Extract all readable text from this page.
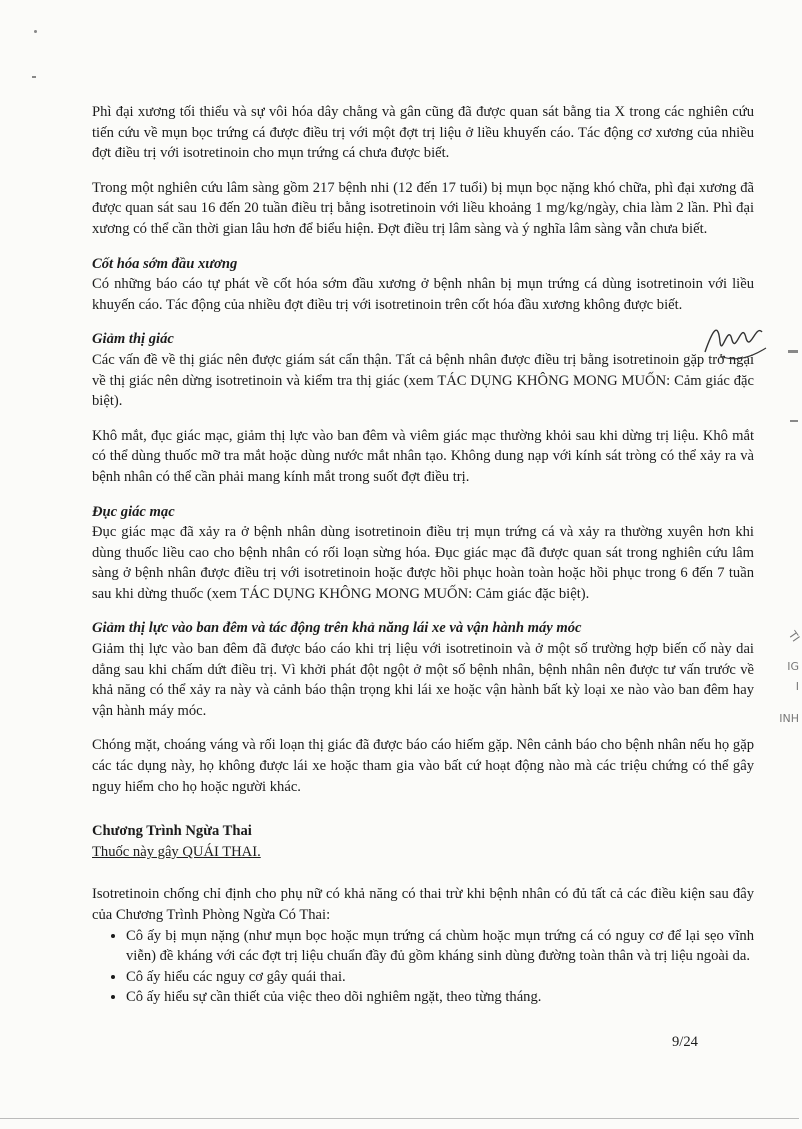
Phì đại xương tối thiểu và sự vôi hóa dây chằng và gân cũng đã được quan sát bằng tia X trong các nghiên cứu tiến cứu về mụn bọc trứng cá được điều trị với một đợt trị liệu ở liều khuyến cáo. Tác động cơ xương của nhiều đợt điều trị với isotretinoin cho mụn trứng cá chưa được biết.

Trong một nghiên cứu lâm sàng gồm 217 bệnh nhi (12 đến 17 tuổi) bị mụn bọc nặng khó chữa, phì đại xương đã được quan sát sau 16 đến 20 tuần điều trị bằng isotretinoin với liều khoảng 1 mg/kg/ngày, chia làm 2 lần. Phì đại xương có thể cần thời gian lâu hơn để biểu hiện. Đợt điều trị lâm sàng và ý nghĩa lâm sàng vẫn chưa biết.

Cốt hóa sớm đầu xương

Có những báo cáo tự phát về cốt hóa sớm đầu xương ở bệnh nhân bị mụn trứng cá dùng isotretinoin với liều khuyến cáo. Tác động của nhiều đợt điều trị với isotretinoin trên cốt hóa đầu xương không được biết.

Giảm thị giác

Các vấn đề về thị giác nên được giám sát cẩn thận. Tất cả bệnh nhân được điều trị bằng isotretinoin gặp trở ngại về thị giác nên dừng isotretinoin và kiểm tra thị giác (xem TÁC DỤNG KHÔNG MONG MUỐN: Cảm giác đặc biệt).

Khô mắt, đục giác mạc, giảm thị lực vào ban đêm và viêm giác mạc thường khỏi sau khi dừng trị liệu. Khô mắt có thể dùng thuốc mỡ tra mắt hoặc dùng nước mắt nhân tạo. Không dung nạp với kính sát tròng có thể xảy ra và bệnh nhân có thể cần phải mang kính mắt trong suốt đợt điều trị.

Đục giác mạc

Đục giác mạc đã xảy ra ở bệnh nhân dùng isotretinoin điều trị mụn trứng cá và xảy ra thường xuyên hơn khi dùng thuốc liều cao cho bệnh nhân có rối loạn sừng hóa. Đục giác mạc đã được quan sát trong nghiên cứu lâm sàng ở bệnh nhân được điều trị với isotretinoin hoặc được hồi phục hoàn toàn hoặc hồi phục trong 6 đến 7 tuần sau khi dừng thuốc (xem TÁC DỤNG KHÔNG MONG MUỐN: Cảm giác đặc biệt).

Giảm thị lực vào ban đêm và tác động trên khả năng lái xe và vận hành máy móc

Giảm thị lực vào ban đêm đã được báo cáo khi trị liệu với isotretinoin và ở một số trường hợp biến cố này dai dẳng sau khi chấm dứt điều trị. Vì khởi phát đột ngột ở một số bệnh nhân, bệnh nhân nên được tư vấn trước về khả năng có thể xảy ra này và cảnh báo thận trọng khi lái xe hoặc vận hành bất kỳ loại xe nào vào ban đêm hay vận hành máy móc.

Chóng mặt, choáng váng và rối loạn thị giác đã được báo cáo hiếm gặp. Nên cảnh báo cho bệnh nhân nếu họ gặp các tác dụng này, họ không được lái xe hoặc tham gia vào bất cứ hoạt động nào mà các triệu chứng có thể gây nguy hiểm cho họ hoặc người khác.

Chương Trình Ngừa Thai

Thuốc này gây QUÁI THAI.

Isotretinoin chống chỉ định cho phụ nữ có khả năng có thai trừ khi bệnh nhân có đủ tất cả các điều kiện sau đây của Chương Trình Phòng Ngừa Có Thai:

• Cô ấy bị mụn nặng (như mụn bọc hoặc mụn trứng cá chùm hoặc mụn trứng cá có nguy cơ để lại sẹo vĩnh viễn) đề kháng với các đợt trị liệu chuẩn đầy đủ gồm kháng sinh dùng đường toàn thân và trị liệu ngoài da.
• Cô ấy hiểu các nguy cơ gây quái thai.
• Cô ấy hiểu sự cần thiết của việc theo dõi nghiêm ngặt, theo từng tháng.
9/24
TI
IG
I
INH
